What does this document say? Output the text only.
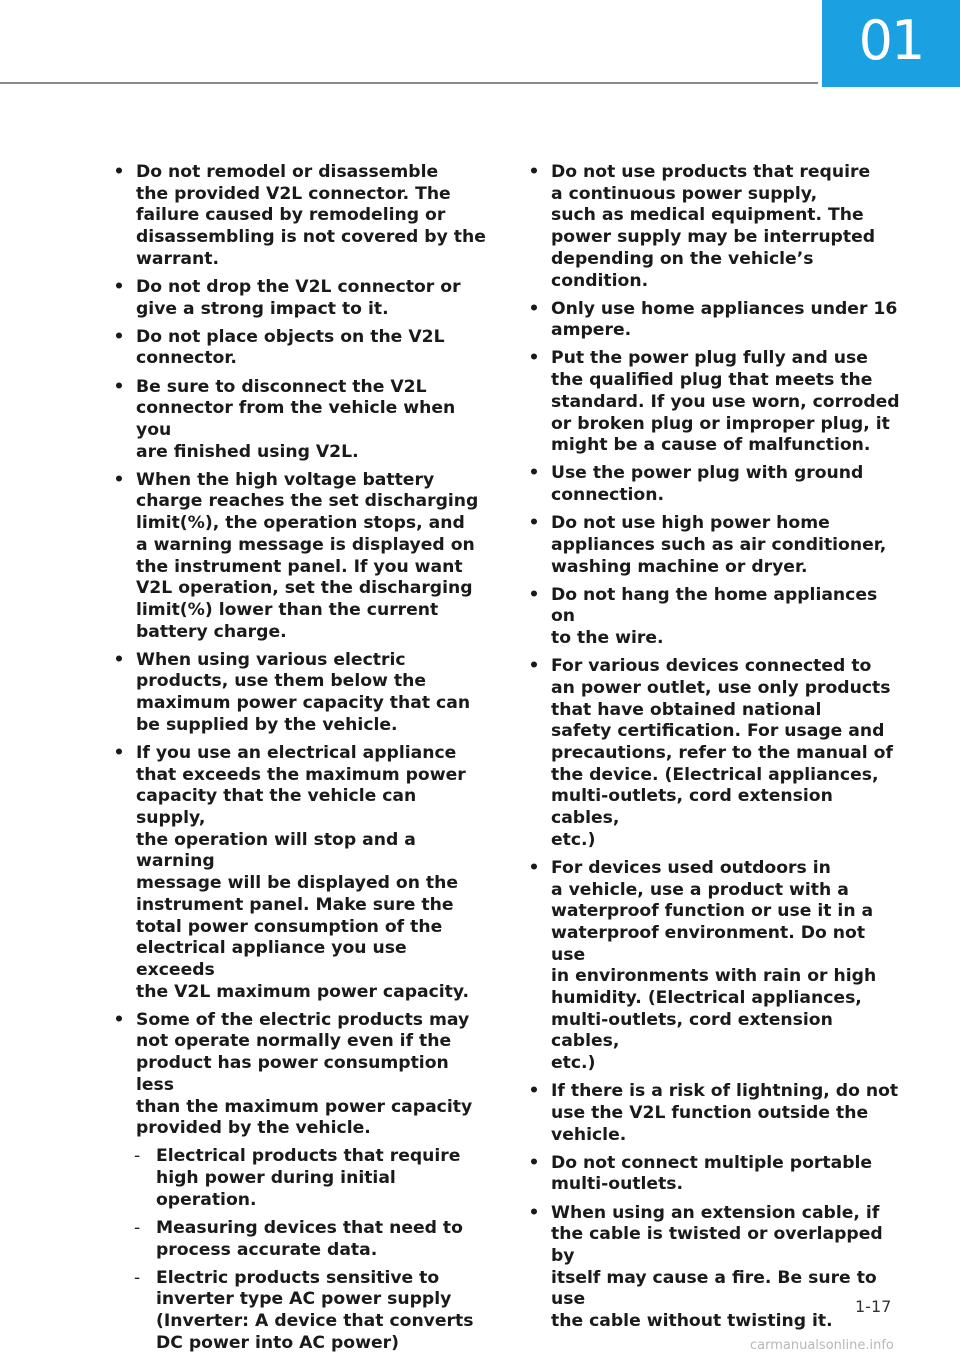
01
• Do not remodel or disassemble
the provided V2L connector. The
failure caused by remodeling or
disassembling is not covered by the
warrant.
• Do not drop the V2L connector or
give a strong impact to it.
• Do not place objects on the V2L
connector.
• Be sure to disconnect the V2L
connector from the vehicle when you
are finished using V2L.
• When the high voltage battery
charge reaches the set discharging
limit(%), the operation stops, and
a warning message is displayed on
the instrument panel. If you want
V2L operation, set the discharging
limit(%) lower than the current
battery charge.
• When using various electric
products, use them below the
maximum power capacity that can
be supplied by the vehicle.
• If you use an electrical appliance
that exceeds the maximum power
capacity that the vehicle can supply,
the operation will stop and a warning
message will be displayed on the
instrument panel. Make sure the
total power consumption of the
electrical appliance you use exceeds
the V2L maximum power capacity.
• Some of the electric products may
not operate normally even if the
product has power consumption less
than the maximum power capacity
provided by the vehicle.
- Electrical products that require
high power during initial
operation.
- Measuring devices that need to
process accurate data.
- Electric products sensitive to
inverter type AC power supply
(Inverter: A device that converts
DC power into AC power)
• Do not use products that require
a continuous power supply,
such as medical equipment. The
power supply may be interrupted
depending on the vehicle’s
condition.
• Only use home appliances under 16
ampere.
• Put the power plug fully and use
the qualified plug that meets the
standard. If you use worn, corroded
or broken plug or improper plug, it
might be a cause of malfunction.
• Use the power plug with ground
connection.
• Do not use high power home
appliances such as air conditioner,
washing machine or dryer.
• Do not hang the home appliances on
to the wire.
• For various devices connected to
an power outlet, use only products
that have obtained national
safety certification. For usage and
precautions, refer to the manual of
the device. (Electrical appliances,
multi-outlets, cord extension cables,
etc.)
• For devices used outdoors in
a vehicle, use a product with a
waterproof function or use it in a
waterproof environment. Do not use
in environments with rain or high
humidity. (Electrical appliances,
multi-outlets, cord extension cables,
etc.)
• If there is a risk of lightning, do not
use the V2L function outside the
vehicle.
• Do not connect multiple portable
multi-outlets.
• When using an extension cable, if
the cable is twisted or overlapped by
itself may cause a fire. Be sure to use
the cable without twisting it.
1-17
carmanualsonline.info
